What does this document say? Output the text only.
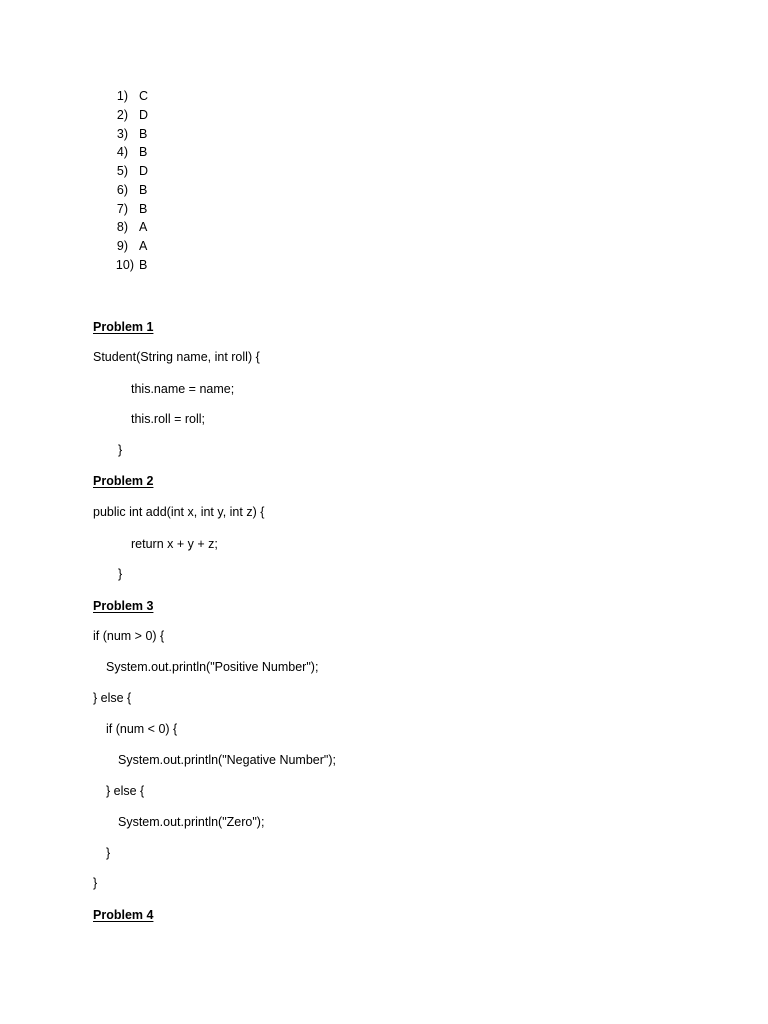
1) C
2) D
3) B
4) B
5) D
6) B
7) B
8) A
9) A
10) B
Problem 1
Student(String name, int roll) {
this.name = name;
this.roll = roll;
}
Problem 2
public int add(int x, int y, int z) {
return x + y + z;
}
Problem 3
if (num > 0) {
System.out.println("Positive Number");
} else {
if (num < 0) {
System.out.println("Negative Number");
} else {
System.out.println("Zero");
}
}
Problem 4
